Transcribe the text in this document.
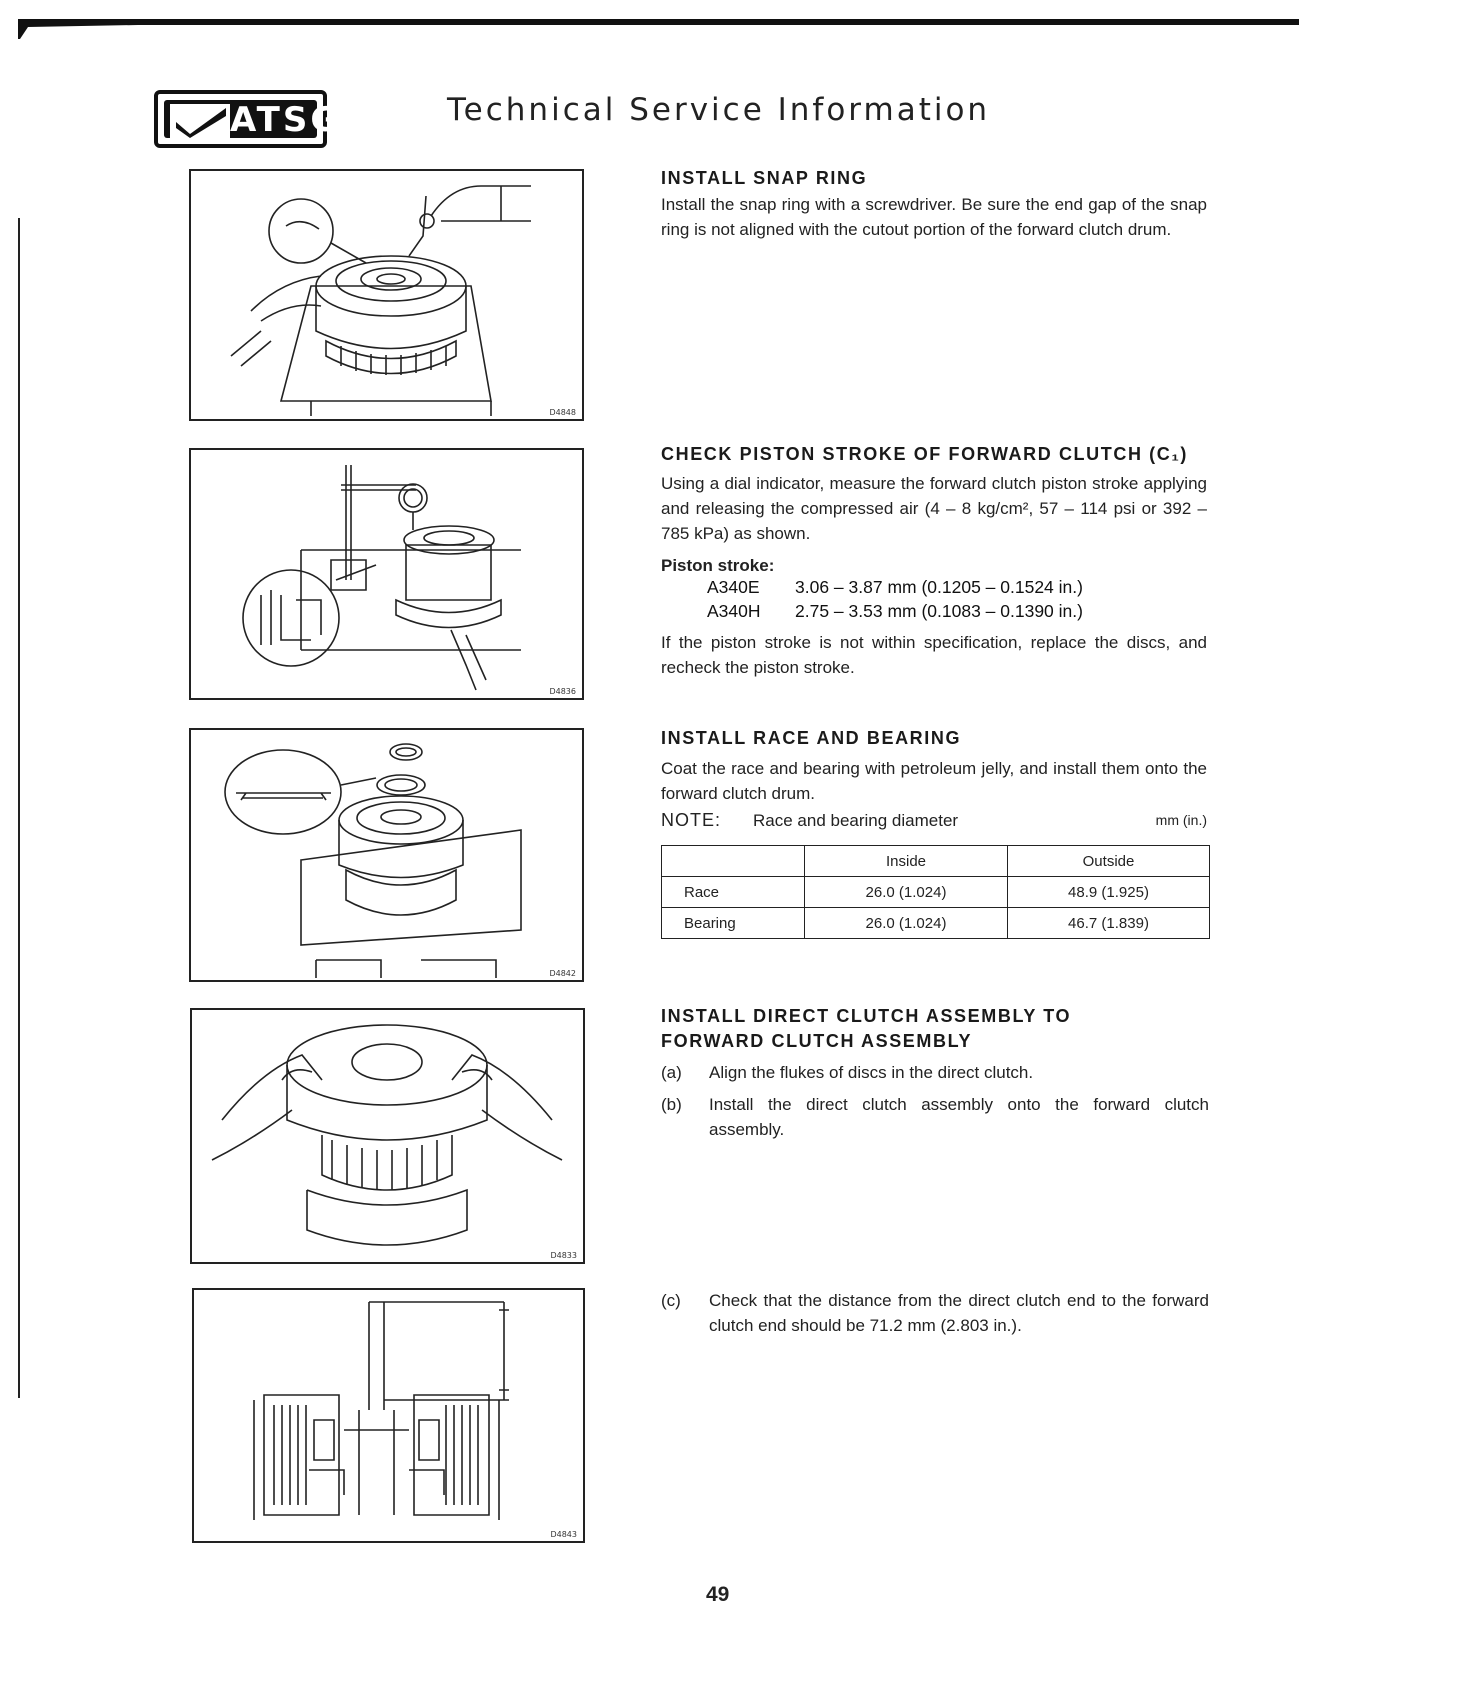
ATSG	Technical Service Information
D4848
D4836
D4842
D4833
D4843
INSTALL SNAP RING
Install the snap ring with a screwdriver. Be sure the end gap of the snap ring is not aligned with the cutout portion of the forward clutch drum.
CHECK PISTON STROKE OF FORWARD CLUTCH (C₁)
Using a dial indicator, measure the forward clutch piston stroke applying and releasing the compressed air (4 – 8 kg/cm², 57 – 114 psi or 392 – 785 kPa) as shown.
Piston stroke:
A340E 3.06 – 3.87 mm (0.1205 – 0.1524 in.)
A340H 2.75 – 3.53 mm (0.1083 – 0.1390 in.)
If the piston stroke is not within specification, replace the discs, and recheck the piston stroke.
INSTALL RACE AND BEARING
Coat the race and bearing with petroleum jelly, and install them onto the forward clutch drum.
NOTE: Race and bearing diameter	mm (in.)
	Inside	Outside
Race	26.0 (1.024)	48.9 (1.925)
Bearing	26.0 (1.024)	46.7 (1.839)
INSTALL DIRECT CLUTCH ASSEMBLY TO
FORWARD CLUTCH ASSEMBLY
(a) Align the flukes of discs in the direct clutch.
(b) Install the direct clutch assembly onto the forward clutch assembly.
(c) Check that the distance from the direct clutch end to the forward clutch end should be 71.2 mm (2.803 in.).
49
